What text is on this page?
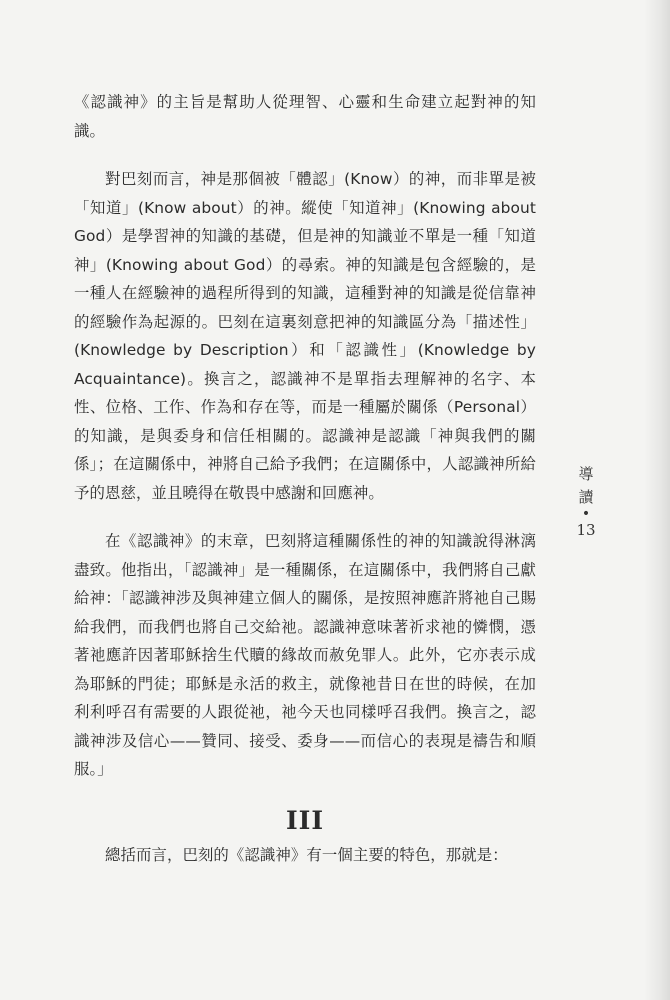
《認識神》的主旨是幫助人從理智、心靈和生命建立起對神的知識。

對巴刻而言，神是那個被「體認」(Know）的神，而非單是被「知道」(Know about）的神。縱使「知道神」(Knowing about God）是學習神的知識的基礎，但是神的知識並不單是一種「知道神」(Knowing about God）的尋索。神的知識是包含經驗的，是一種人在經驗神的過程所得到的知識，這種對神的知識是從信靠神的經驗作為起源的。巴刻在這裏刻意把神的知識區分為「描述性」(Knowledge by Description）和「認識性」(Knowledge by Acquaintance)。換言之，認識神不是單指去理解神的名字、本性、位格、工作、作為和存在等，而是一種屬於關係（Personal）的知識，是與委身和信任相關的。認識神是認識「神與我們的關係」；在這關係中，神將自己給予我們；在這關係中，人認識神所給予的恩慈，並且曉得在敬畏中感謝和回應神。

在《認識神》的末章，巴刻將這種關係性的神的知識說得淋漓盡致。他指出，「認識神」是一種關係，在這關係中，我們將自己獻給神：「認識神涉及與神建立個人的關係，是按照神應許將祂自己賜給我們，而我們也將自己交給祂。認識神意味著祈求祂的憐憫，憑著祂應許因著耶穌捨生代贖的緣故而赦免罪人。此外，它亦表示成為耶穌的門徒；耶穌是永活的救主，就像祂昔日在世的時候，在加利利呼召有需要的人跟從祂，祂今天也同樣呼召我們。換言之，認識神涉及信心——贊同、接受、委身——而信心的表現是禱告和順服。」

III

總括而言，巴刻的《認識神》有一個主要的特色，那就是：

導
讀
•
13
